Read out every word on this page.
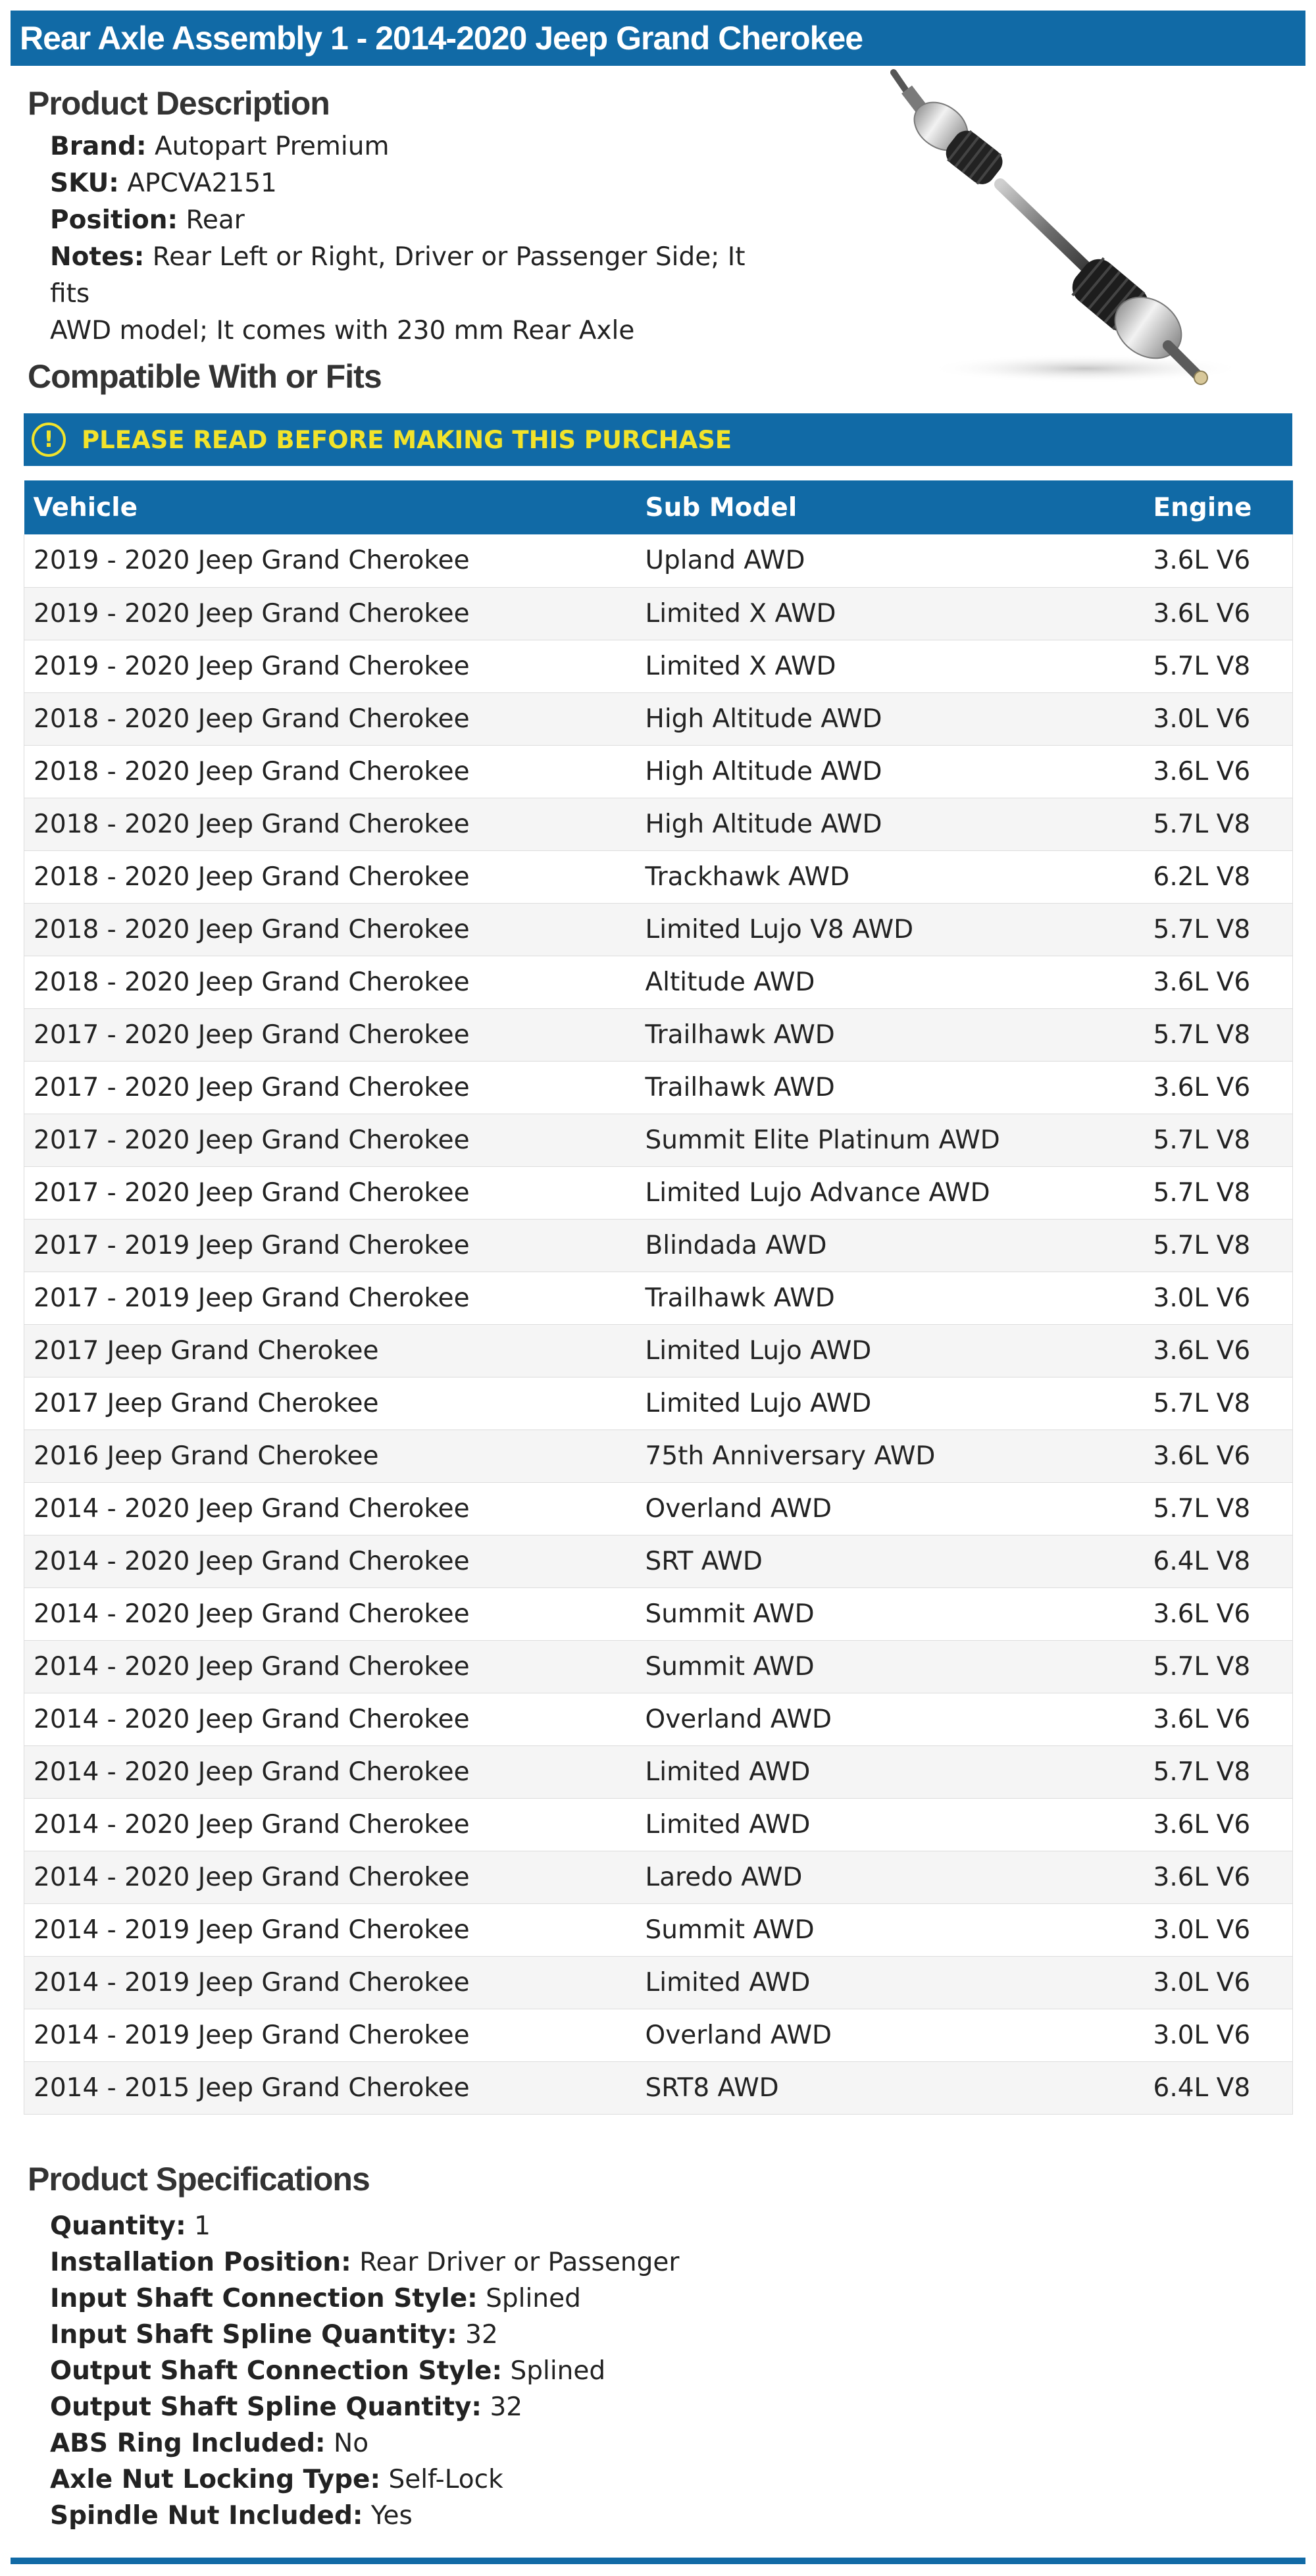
Rear Axle Assembly 1 - 2014-2020 Jeep Grand Cherokee
Product Description
Brand: Autopart Premium
SKU: APCVA2151
Position: Rear
Notes: Rear Left or Right, Driver or Passenger Side; It fits
AWD model; It comes with 230 mm Rear Axle
Compatible With or Fits
!	PLEASE READ BEFORE MAKING THIS PURCHASE
Vehicle	Sub Model	Engine
2019 - 2020 Jeep Grand Cherokee	Upland AWD	3.6L V6
2019 - 2020 Jeep Grand Cherokee	Limited X AWD	3.6L V6
2019 - 2020 Jeep Grand Cherokee	Limited X AWD	5.7L V8
2018 - 2020 Jeep Grand Cherokee	High Altitude AWD	3.0L V6
2018 - 2020 Jeep Grand Cherokee	High Altitude AWD	3.6L V6
2018 - 2020 Jeep Grand Cherokee	High Altitude AWD	5.7L V8
2018 - 2020 Jeep Grand Cherokee	Trackhawk AWD	6.2L V8
2018 - 2020 Jeep Grand Cherokee	Limited Lujo V8 AWD	5.7L V8
2018 - 2020 Jeep Grand Cherokee	Altitude AWD	3.6L V6
2017 - 2020 Jeep Grand Cherokee	Trailhawk AWD	5.7L V8
2017 - 2020 Jeep Grand Cherokee	Trailhawk AWD	3.6L V6
2017 - 2020 Jeep Grand Cherokee	Summit Elite Platinum AWD	5.7L V8
2017 - 2020 Jeep Grand Cherokee	Limited Lujo Advance AWD	5.7L V8
2017 - 2019 Jeep Grand Cherokee	Blindada AWD	5.7L V8
2017 - 2019 Jeep Grand Cherokee	Trailhawk AWD	3.0L V6
2017 Jeep Grand Cherokee	Limited Lujo AWD	3.6L V6
2017 Jeep Grand Cherokee	Limited Lujo AWD	5.7L V8
2016 Jeep Grand Cherokee	75th Anniversary AWD	3.6L V6
2014 - 2020 Jeep Grand Cherokee	Overland AWD	5.7L V8
2014 - 2020 Jeep Grand Cherokee	SRT AWD	6.4L V8
2014 - 2020 Jeep Grand Cherokee	Summit AWD	3.6L V6
2014 - 2020 Jeep Grand Cherokee	Summit AWD	5.7L V8
2014 - 2020 Jeep Grand Cherokee	Overland AWD	3.6L V6
2014 - 2020 Jeep Grand Cherokee	Limited AWD	5.7L V8
2014 - 2020 Jeep Grand Cherokee	Limited AWD	3.6L V6
2014 - 2020 Jeep Grand Cherokee	Laredo AWD	3.6L V6
2014 - 2019 Jeep Grand Cherokee	Summit AWD	3.0L V6
2014 - 2019 Jeep Grand Cherokee	Limited AWD	3.0L V6
2014 - 2019 Jeep Grand Cherokee	Overland AWD	3.0L V6
2014 - 2015 Jeep Grand Cherokee	SRT8 AWD	6.4L V8
Product Specifications
Quantity: 1
Installation Position: Rear Driver or Passenger
Input Shaft Connection Style: Splined
Input Shaft Spline Quantity: 32
Output Shaft Connection Style: Splined
Output Shaft Spline Quantity: 32
ABS Ring Included: No
Axle Nut Locking Type: Self-Lock
Spindle Nut Included: Yes
